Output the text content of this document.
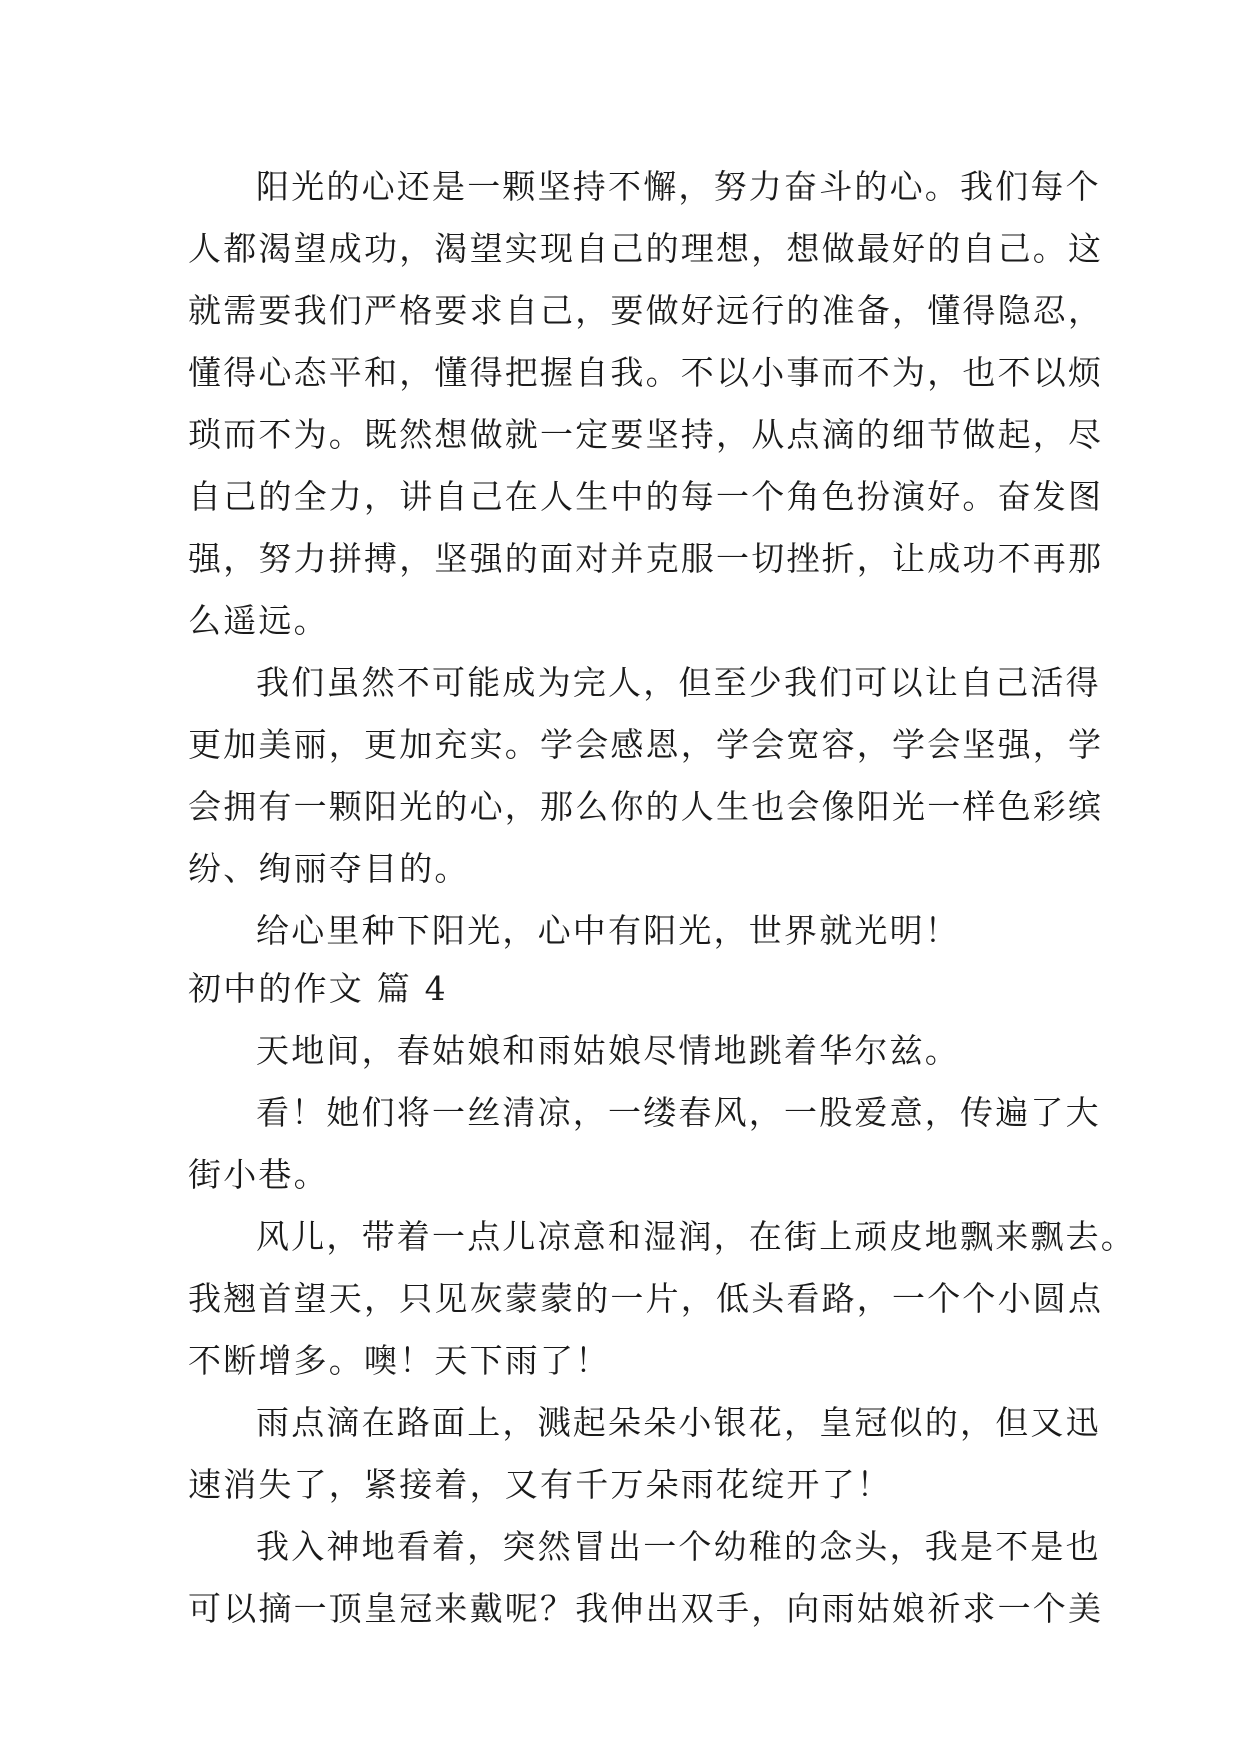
阳光的心还是一颗坚持不懈，努力奋斗的心。我们每个
人都渴望成功，渴望实现自己的理想，想做最好的自己。这
就需要我们严格要求自己，要做好远行的准备，懂得隐忍，
懂得心态平和，懂得把握自我。不以小事而不为，也不以烦
琐而不为。既然想做就一定要坚持，从点滴的细节做起，尽
自己的全力，讲自己在人生中的每一个角色扮演好。奋发图
强，努力拼搏，坚强的面对并克服一切挫折，让成功不再那
么遥远。
我们虽然不可能成为完人，但至少我们可以让自己活得
更加美丽，更加充实。学会感恩，学会宽容，学会坚强，学
会拥有一颗阳光的心，那么你的人生也会像阳光一样色彩缤
纷、绚丽夺目的。
给心里种下阳光，心中有阳光，世界就光明！
初中的作文 篇 4
天地间，春姑娘和雨姑娘尽情地跳着华尔兹。
看！她们将一丝清凉，一缕春风，一股爱意，传遍了大
街小巷。
风儿，带着一点儿凉意和湿润，在街上顽皮地飘来飘去。
我翘首望天，只见灰蒙蒙的一片，低头看路，一个个小圆点
不断增多。噢！天下雨了！
雨点滴在路面上，溅起朵朵小银花，皇冠似的，但又迅
速消失了，紧接着，又有千万朵雨花绽开了！
我入神地看着，突然冒出一个幼稚的念头，我是不是也
可以摘一顶皇冠来戴呢？我伸出双手，向雨姑娘祈求一个美
